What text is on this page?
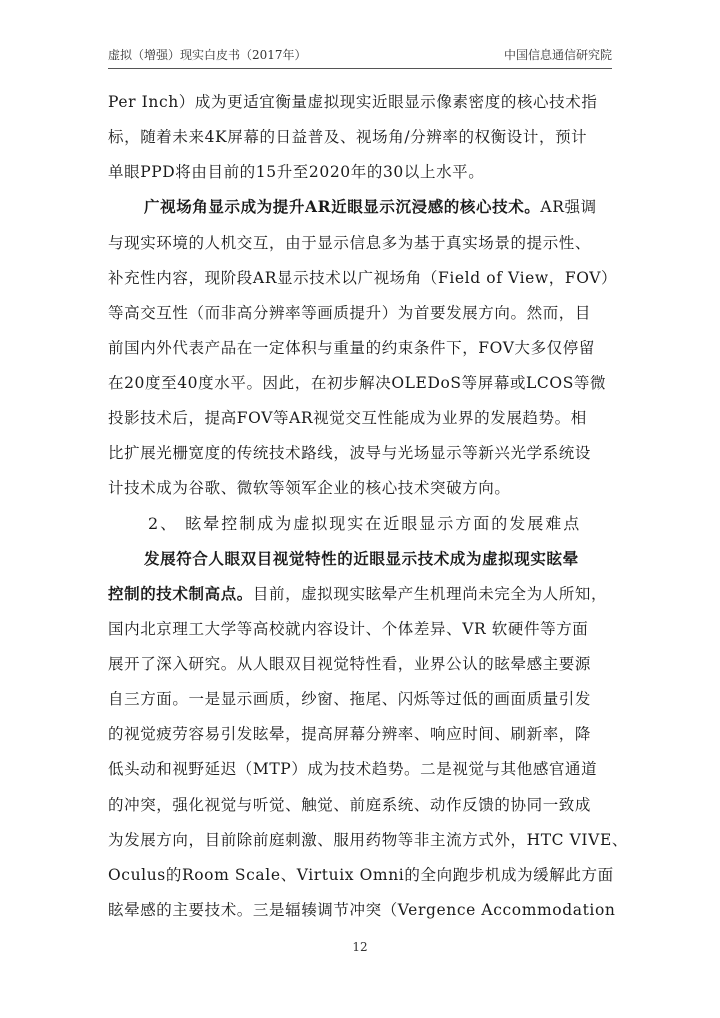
虚拟（增强）现实白皮书（2017年）	中国信息通信研究院
Per Inch）成为更适宜衡量虚拟现实近眼显示像素密度的核心技术指
标，随着未来4K屏幕的日益普及、视场角/分辨率的权衡设计，预计
单眼PPD将由目前的15升至2020年的30以上水平。
广视场角显示成为提升AR近眼显示沉浸感的核心技术。AR强调
与现实环境的人机交互，由于显示信息多为基于真实场景的提示性、
补充性内容，现阶段AR显示技术以广视场角（Field of View，FOV）
等高交互性（而非高分辨率等画质提升）为首要发展方向。然而，目
前国内外代表产品在一定体积与重量的约束条件下，FOV大多仅停留
在20度至40度水平。因此，在初步解决OLEDoS等屏幕或LCOS等微
投影技术后，提高FOV等AR视觉交互性能成为业界的发展趋势。相
比扩展光栅宽度的传统技术路线，波导与光场显示等新兴光学系统设
计技术成为谷歌、微软等领军企业的核心技术突破方向。
2、 眩晕控制成为虚拟现实在近眼显示方面的发展难点
发展符合人眼双目视觉特性的近眼显示技术成为虚拟现实眩晕
控制的技术制高点。目前，虚拟现实眩晕产生机理尚未完全为人所知，
国内北京理工大学等高校就内容设计、个体差异、VR 软硬件等方面
展开了深入研究。从人眼双目视觉特性看，业界公认的眩晕感主要源
自三方面。一是显示画质，纱窗、拖尾、闪烁等过低的画面质量引发
的视觉疲劳容易引发眩晕，提高屏幕分辨率、响应时间、刷新率，降
低头动和视野延迟（MTP）成为技术趋势。二是视觉与其他感官通道
的冲突，强化视觉与听觉、触觉、前庭系统、动作反馈的协同一致成
为发展方向，目前除前庭刺激、服用药物等非主流方式外，HTC VIVE、
Oculus的Room Scale、Virtuix Omni的全向跑步机成为缓解此方面
眩晕感的主要技术。三是辐辏调节冲突（Vergence Accommodation
12
